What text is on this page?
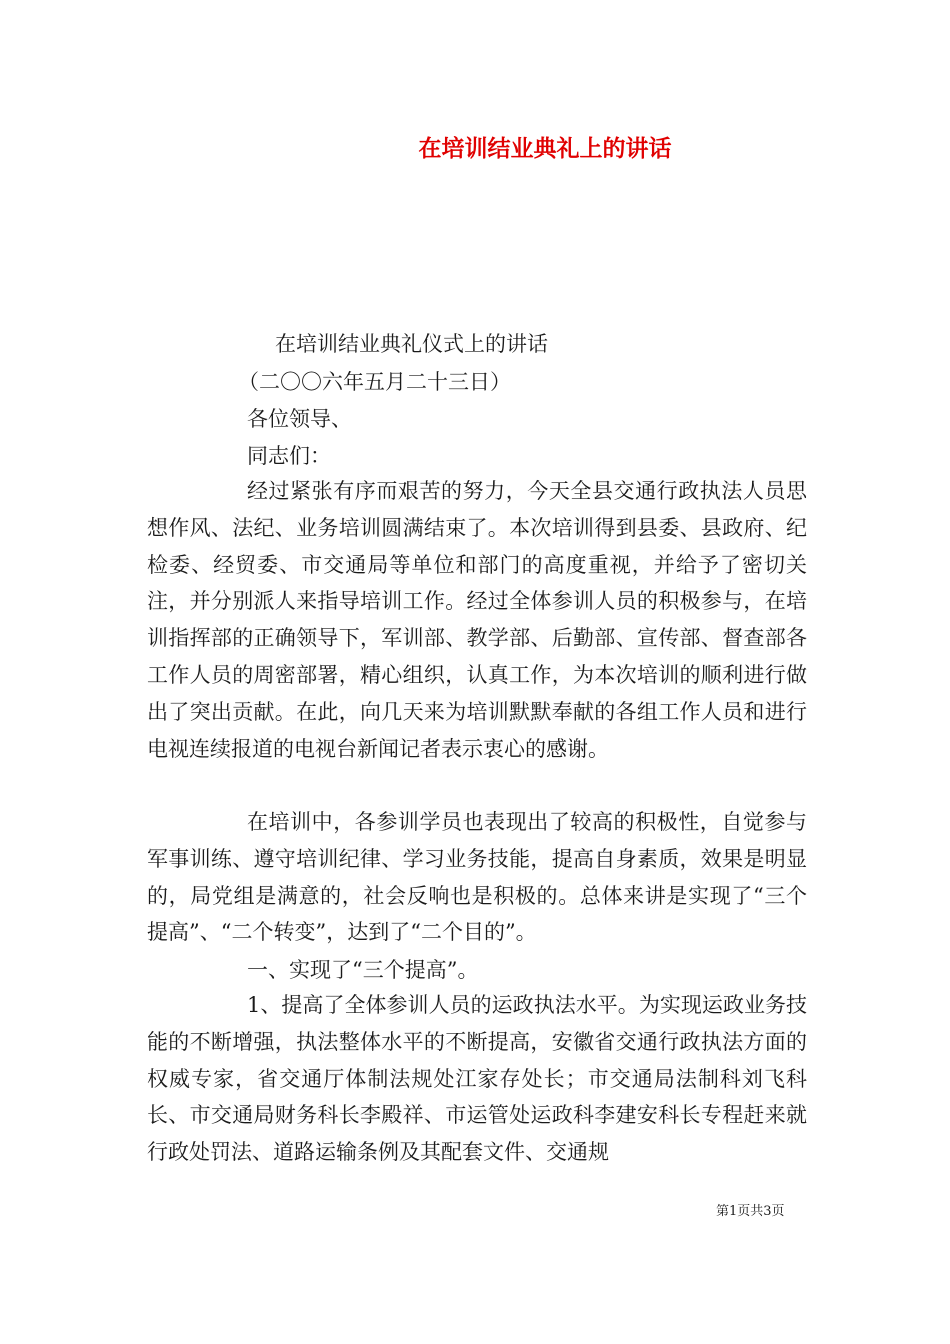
在培训结业典礼上的讲话
在培训结业典礼仪式上的讲话
（二〇〇六年五月二十三日）
各位领导、
同志们：

经过紧张有序而艰苦的努力，今天全县交通行政执法人员思想作风、法纪、业务培训圆满结束了。本次培训得到县委、县政府、纪检委、经贸委、市交通局等单位和部门的高度重视，并给予了密切关注，并分别派人来指导培训工作。经过全体参训人员的积极参与，在培训指挥部的正确领导下，军训部、教学部、后勤部、宣传部、督查部各工作人员的周密部署，精心组织，认真工作，为本次培训的顺利进行做出了突出贡献。在此，向几天来为培训默默奉献的各组工作人员和进行电视连续报道的电视台新闻记者表示衷心的感谢。

在培训中，各参训学员也表现出了较高的积极性，自觉参与军事训练、遵守培训纪律、学习业务技能，提高自身素质，效果是明显的，局党组是满意的，社会反响也是积极的。总体来讲是实现了“三个提高”、“二个转变”，达到了“二个目的”。

一、实现了“三个提高”。

1、提高了全体参训人员的运政执法水平。为实现运政业务技能的不断增强，执法整体水平的不断提高，安徽省交通行政执法方面的权威专家，省交通厅体制法规处江家存处长；市交通局法制科刘飞科长、市交通局财务科长李殿祥、市运管处运政科李建安科长专程赶来就行政处罚法、道路运输条例及其配套文件、交通规

第1页共3页
